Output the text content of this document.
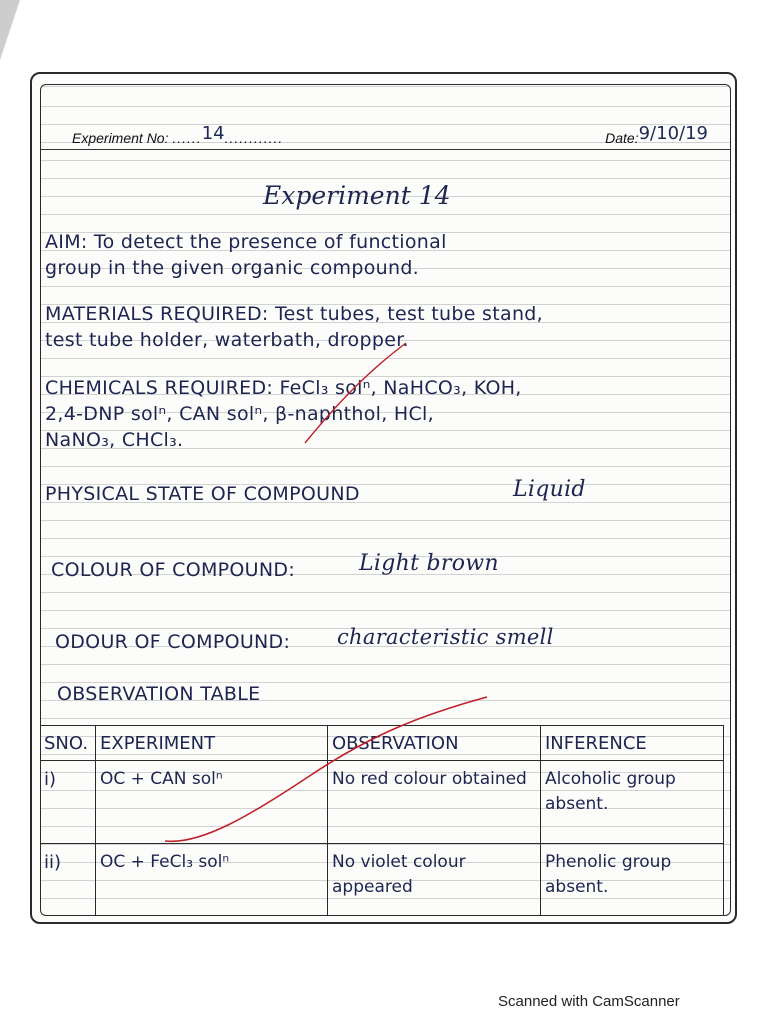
Experiment No: ......14............	Date:9/10/19
Experiment 14
AIM: To detect the presence of functional
group in the given organic compound.
MATERIALS REQUIRED: Test tubes, test tube stand,
test tube holder, waterbath, dropper.
CHEMICALS REQUIRED: FeCl₃ solⁿ, NaHCO₃, KOH,
2,4-DNP solⁿ, CAN solⁿ, β-naphthol, HCl,
NaNO₃, CHCl₃.
PHYSICAL STATE OF COMPOUND	Liquid
COLOUR OF COMPOUND:	Light brown
ODOUR OF COMPOUND: characteristic smell
OBSERVATION TABLE
SNO.	EXPERIMENT	OBSERVATION	INFERENCE
i)	OC + CAN solⁿ	No red colour obtained	Alcoholic group absent.
ii)	OC + FeCl₃ solⁿ	No violet colour appeared	Phenolic group absent.
Scanned with CamScanner
